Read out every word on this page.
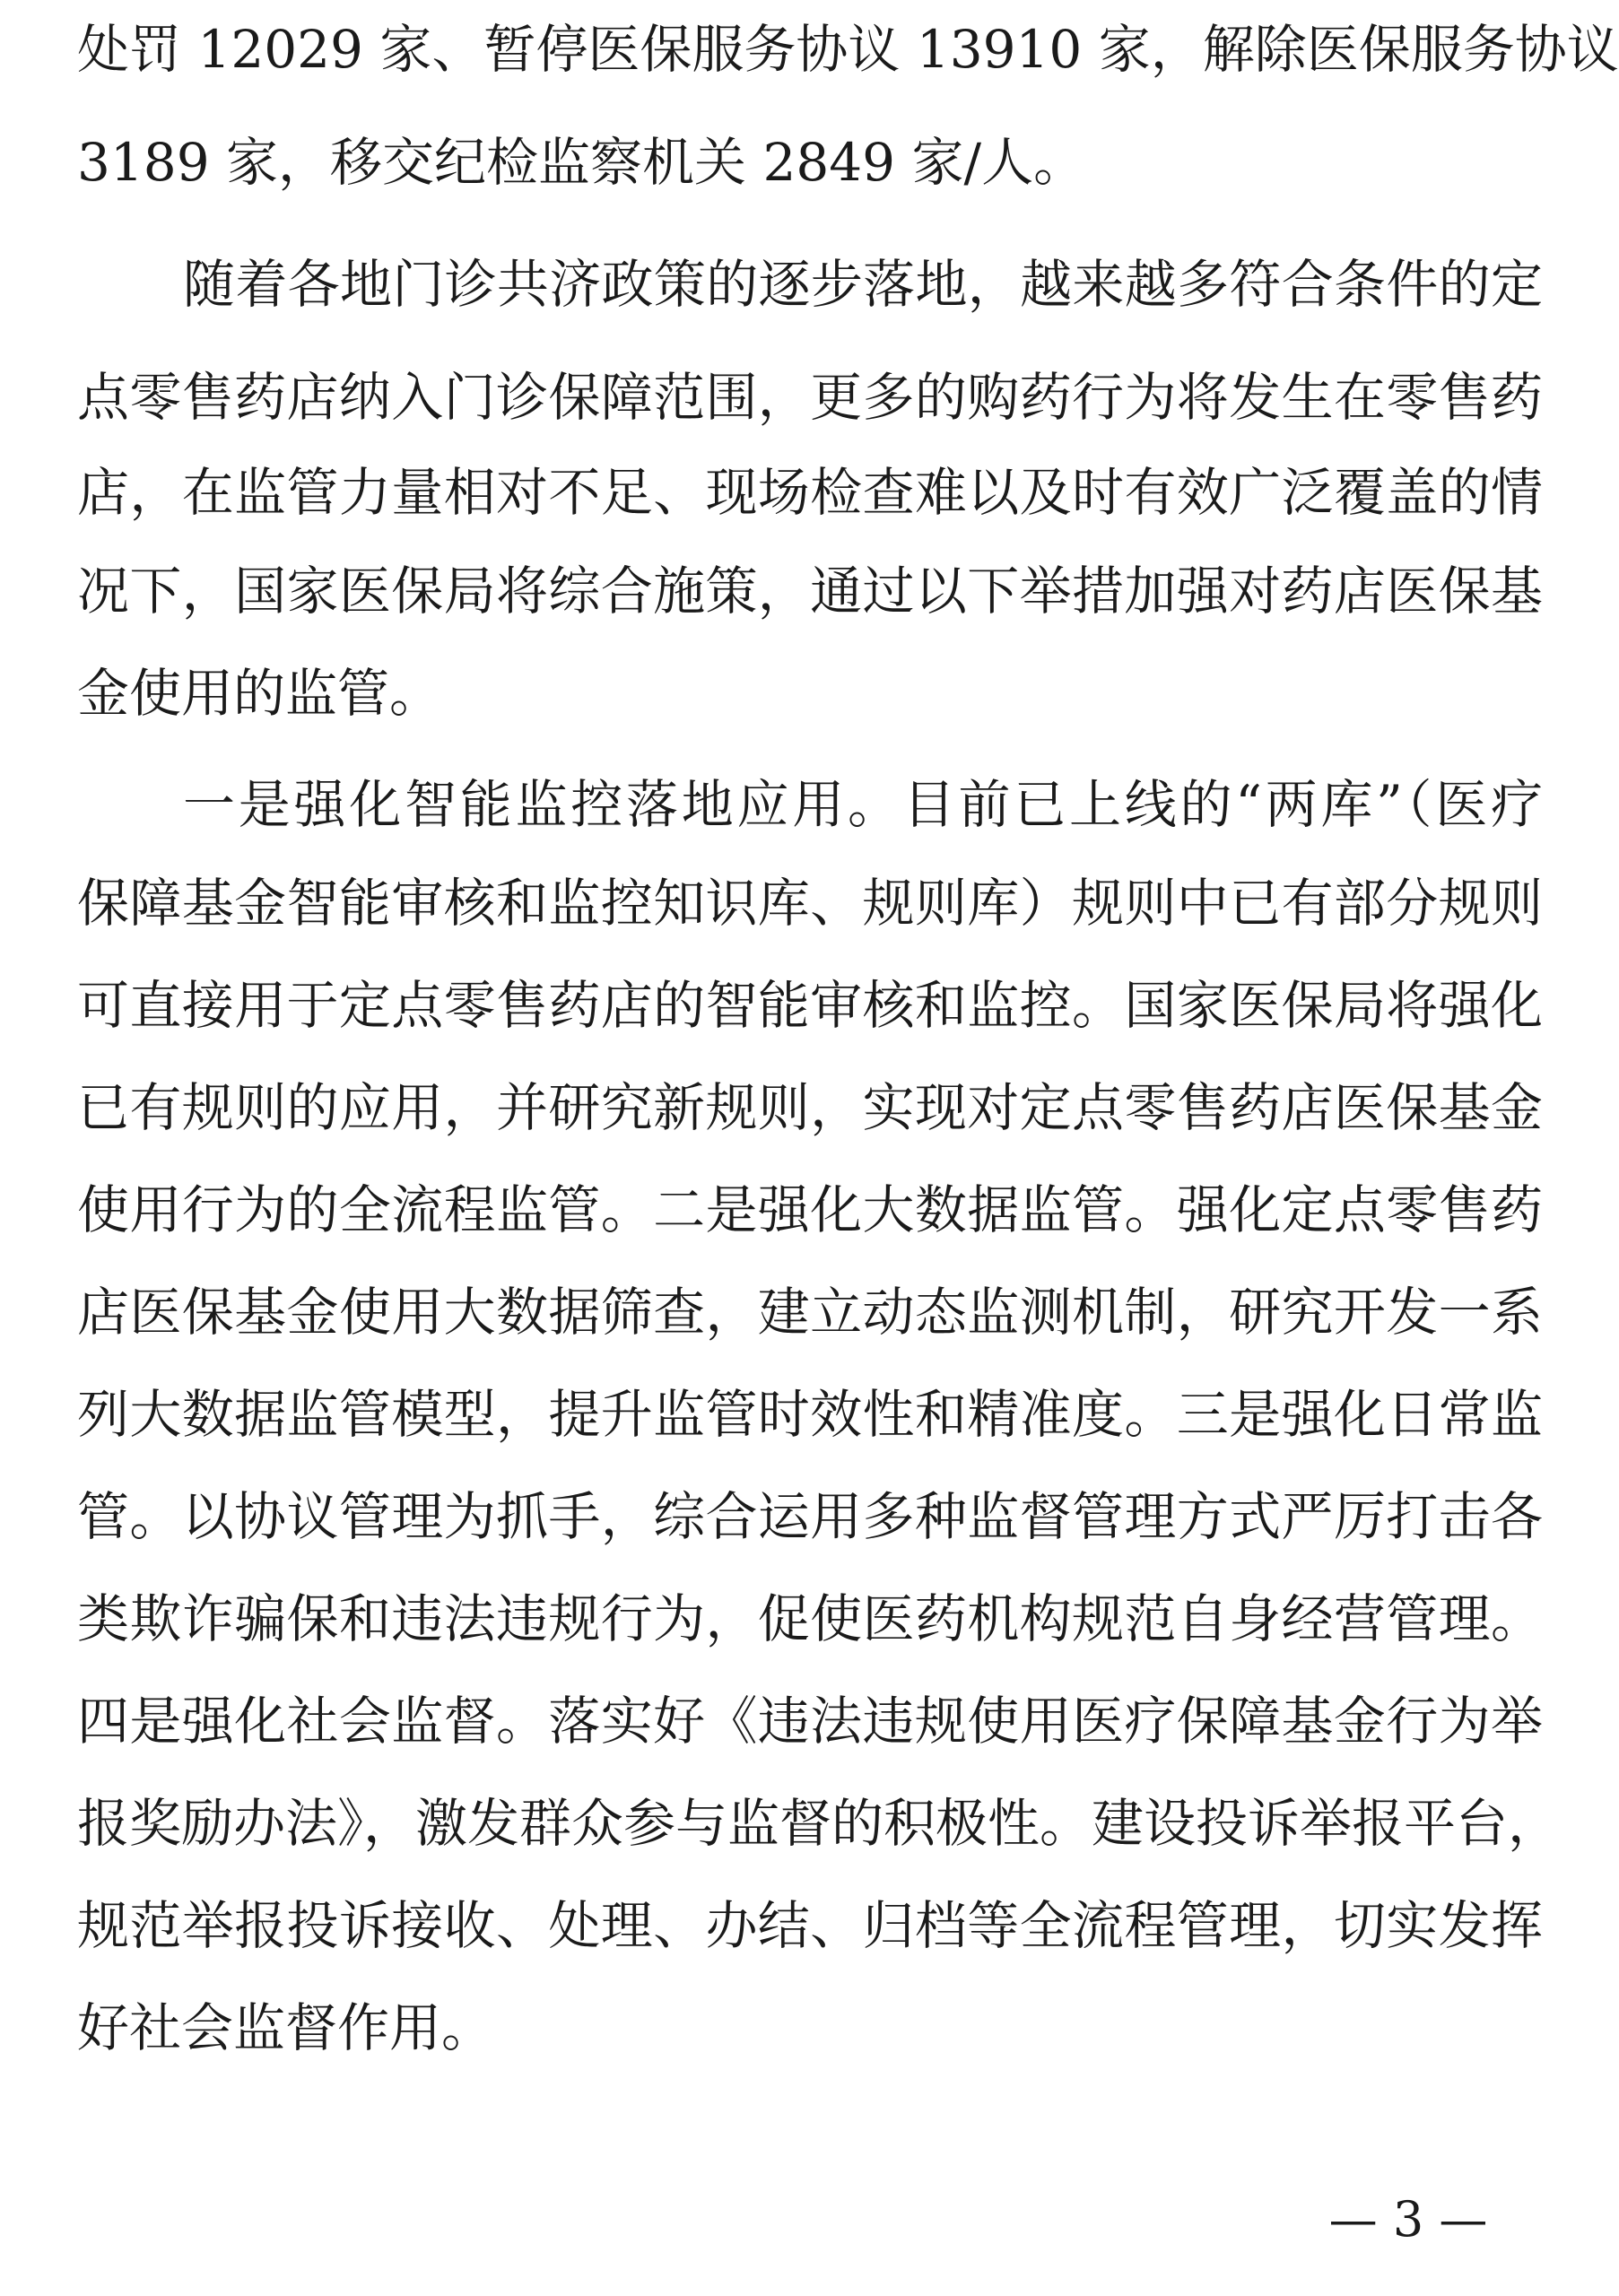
处罚 12029 家、暂停医保服务协议 13910 家，解除医保服务协议
3189 家，移交纪检监察机关 2849 家/人。
随着各地门诊共济政策的逐步落地，越来越多符合条件的定
点零售药店纳入门诊保障范围，更多的购药行为将发生在零售药
店，在监管力量相对不足、现场检查难以及时有效广泛覆盖的情
况下，国家医保局将综合施策，通过以下举措加强对药店医保基
金使用的监管。
一是强化智能监控落地应用。目前已上线的“两库”（医疗
保障基金智能审核和监控知识库、规则库）规则中已有部分规则
可直接用于定点零售药店的智能审核和监控。国家医保局将强化
已有规则的应用，并研究新规则，实现对定点零售药店医保基金
使用行为的全流程监管。二是强化大数据监管。强化定点零售药
店医保基金使用大数据筛查，建立动态监测机制，研究开发一系
列大数据监管模型，提升监管时效性和精准度。三是强化日常监
管。以协议管理为抓手，综合运用多种监督管理方式严厉打击各
类欺诈骗保和违法违规行为，促使医药机构规范自身经营管理。
四是强化社会监督。落实好《违法违规使用医疗保障基金行为举
报奖励办法》，激发群众参与监督的积极性。建设投诉举报平台，
规范举报投诉接收、处理、办结、归档等全流程管理，切实发挥
好社会监督作用。
— 3 —
